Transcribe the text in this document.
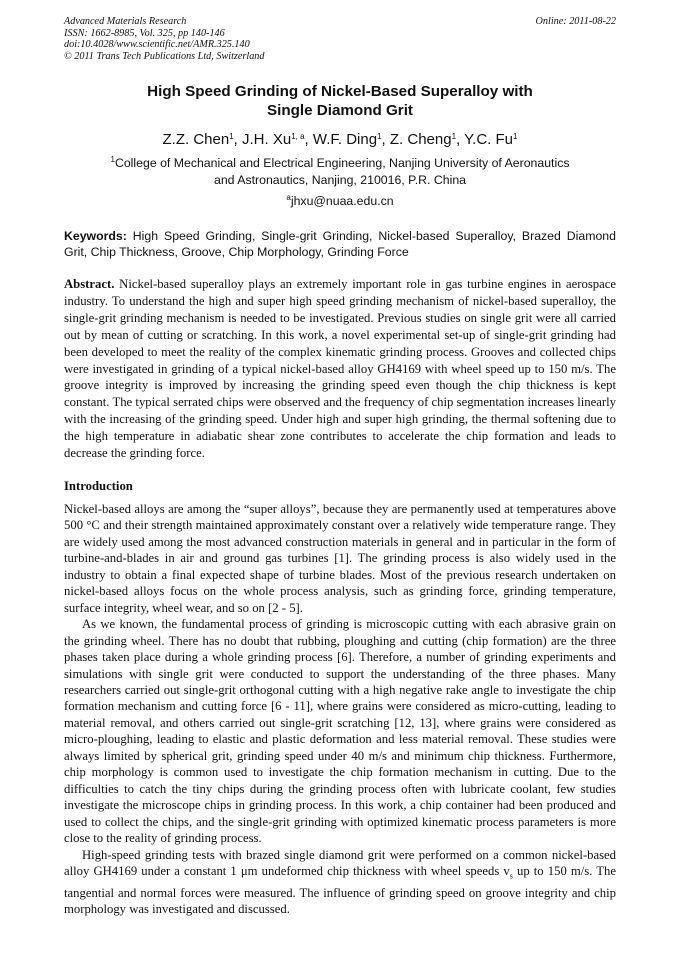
Advanced Materials Research
ISSN: 1662-8985, Vol. 325, pp 140-146
doi:10.4028/www.scientific.net/AMR.325.140
© 2011 Trans Tech Publications Ltd, Switzerland
Online: 2011-08-22
High Speed Grinding of Nickel-Based Superalloy with
Single Diamond Grit
Z.Z. Chen$^1$, J.H. Xu$^{1, a}$, W.F. Ding$^1$, Z. Cheng$^1$, Y.C. Fu$^1$
$^1$College of Mechanical and Electrical Engineering, Nanjing University of Aeronautics
and Astronautics, Nanjing, 210016, P.R. China
$^a$jhxu@nuaa.edu.cn
Keywords: High Speed Grinding, Single-grit Grinding, Nickel-based Superalloy, Brazed Diamond Grit, Chip Thickness, Groove, Chip Morphology, Grinding Force
Abstract. Nickel-based superalloy plays an extremely important role in gas turbine engines in aerospace industry. To understand the high and super high speed grinding mechanism of nickel-based superalloy, the single-grit grinding mechanism is needed to be investigated. Previous studies on single grit were all carried out by mean of cutting or scratching. In this work, a novel experimental set-up of single-grit grinding had been developed to meet the reality of the complex kinematic grinding process. Grooves and collected chips were investigated in grinding of a typical nickel-based alloy GH4169 with wheel speed up to 150 m/s. The groove integrity is improved by increasing the grinding speed even though the chip thickness is kept constant. The typical serrated chips were observed and the frequency of chip segmentation increases linearly with the increasing of the grinding speed. Under high and super high grinding, the thermal softening due to the high temperature in adiabatic shear zone contributes to accelerate the chip formation and leads to decrease the grinding force.
Introduction

Nickel-based alloys are among the “super alloys”, because they are permanently used at temperatures above 500 °C and their strength maintained approximately constant over a relatively wide temperature range. They are widely used among the most advanced construction materials in general and in particular in the form of turbine-and-blades in air and ground gas turbines [1]. The grinding process is also widely used in the industry to obtain a final expected shape of turbine blades. Most of the previous research undertaken on nickel-based alloys focus on the whole process analysis, such as grinding force, grinding temperature, surface integrity, wheel wear, and so on [2 - 5].

As we known, the fundamental process of grinding is microscopic cutting with each abrasive grain on the grinding wheel. There has no doubt that rubbing, ploughing and cutting (chip formation) are the three phases taken place during a whole grinding process [6]. Therefore, a number of grinding experiments and simulations with single grit were conducted to support the understanding of the three phases. Many researchers carried out single-grit orthogonal cutting with a high negative rake angle to investigate the chip formation mechanism and cutting force [6 - 11], where grains were considered as micro-cutting, leading to material removal, and others carried out single-grit scratching [12, 13], where grains were considered as micro-ploughing, leading to elastic and plastic deformation and less material removal. These studies were always limited by spherical grit, grinding speed under 40 m/s and minimum chip thickness. Furthermore, chip morphology is common used to investigate the chip formation mechanism in cutting. Due to the difficulties to catch the tiny chips during the grinding process often with lubricate coolant, few studies investigate the microscope chips in grinding process. In this work, a chip container had been produced and used to collect the chips, and the single-grit grinding with optimized kinematic process parameters is more close to the reality of grinding process.

High-speed grinding tests with brazed single diamond grit were performed on a common nickel-based alloy GH4169 under a constant 1 μm undeformed chip thickness with wheel speeds $v_s$ up to 150 m/s. The tangential and normal forces were measured. The influence of grinding speed on groove integrity and chip morphology was investigated and discussed.
